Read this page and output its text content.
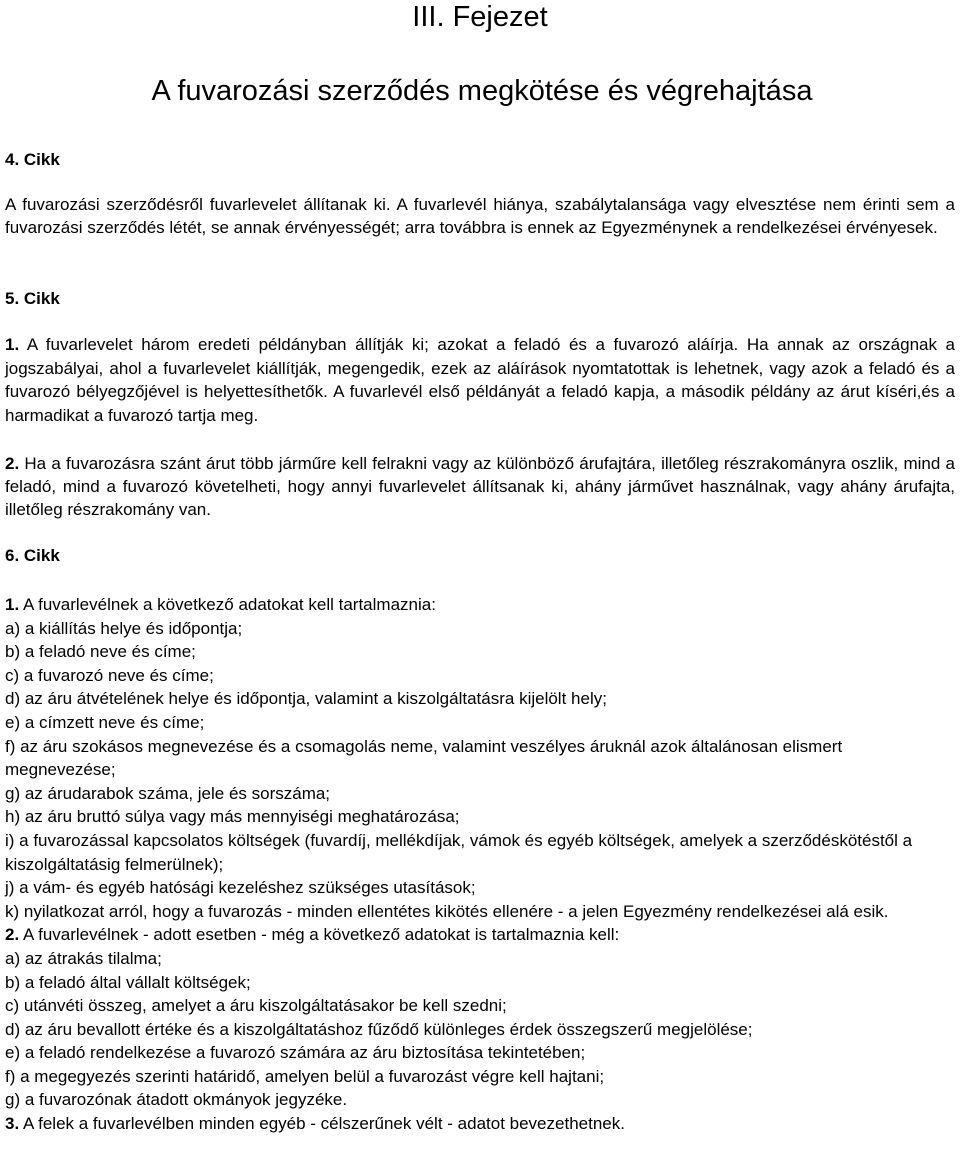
III. Fejezet
A fuvarozási szerződés megkötése és végrehajtása
4. Cikk
A fuvarozási szerződésről fuvarlevelet állítanak ki. A fuvarlevél hiánya, szabálytalansága vagy elvesztése nem érinti sem a fuvarozási szerződés létét, se annak érvényességét; arra továbbra is ennek az Egyezménynek a rendelkezései érvényesek.
5. Cikk
1. A fuvarlevelet három eredeti példányban állítják ki; azokat a feladó és a fuvarozó aláírja. Ha annak az országnak a jogszabályai, ahol a fuvarlevelet kiállítják, megengedik, ezek az aláírások nyomtatottak is lehetnek, vagy azok a feladó és a fuvarozó bélyegzőjével is helyettesíthetők. A fuvarlevél első példányát a feladó kapja, a második példány az árut kíséri,és a harmadikat a fuvarozó tartja meg.
2. Ha a fuvarozásra szánt árut több járműre kell felrakni vagy az különböző árufajtára, illetőleg részrakományra oszlik, mind a feladó, mind a fuvarozó követelheti, hogy annyi fuvarlevelet állítsanak ki, ahány járművet használnak, vagy ahány árufajta, illetőleg részrakomány van.
6. Cikk
1. A fuvarlevélnek a következő adatokat kell tartalmaznia:
a) a kiállítás helye és időpontja;
b) a feladó neve és címe;
c) a fuvarozó neve és címe;
d) az áru átvételének helye és időpontja, valamint a kiszolgáltatásra kijelölt hely;
e) a címzett neve és címe;
f) az áru szokásos megnevezése és a csomagolás neme, valamint veszélyes áruknál azok általánosan elismert megnevezése;
g) az árudarabok száma, jele és sorszáma;
h) az áru bruttó súlya vagy más mennyiségi meghatározása;
i) a fuvarozással kapcsolatos költségek (fuvardíj, mellékdíjak, vámok és egyéb költségek, amelyek a szerződéskötéstől a kiszolgáltatásig felmerülnek);
j) a vám- és egyéb hatósági kezeléshez szükséges utasítások;
k) nyilatkozat arról, hogy a fuvarozás - minden ellentétes kikötés ellenére - a jelen Egyezmény rendelkezései alá esik.
2. A fuvarlevélnek - adott esetben - még a következő adatokat is tartalmaznia kell:
a) az átrakás tilalma;
b) a feladó által vállalt költségek;
c) utánvéti összeg, amelyet a áru kiszolgáltatásakor be kell szedni;
d) az áru bevallott értéke és a kiszolgáltatáshoz fűződő különleges érdek összegszerű megjelölése;
e) a feladó rendelkezése a fuvarozó számára az áru biztosítása tekintetében;
f) a megegyezés szerinti határidő, amelyen belül a fuvarozást végre kell hajtani;
g) a fuvarozónak átadott okmányok jegyzéke.
3. A felek a fuvarlevélben minden egyéb - célszerűnek vélt - adatot bevezethetnek.
